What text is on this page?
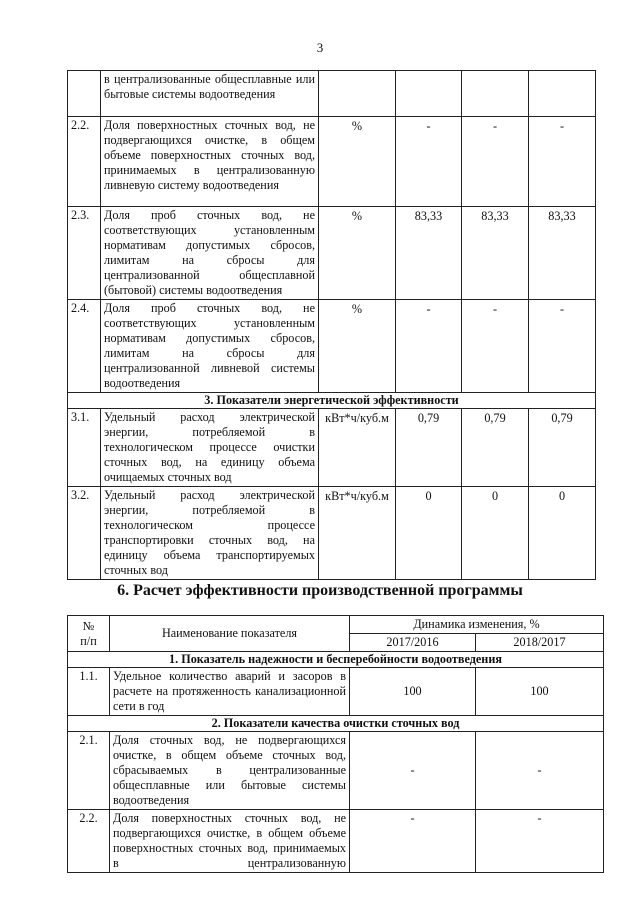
3
	в централизованные общесплавные или бытовые системы водоотведения				
2.2.	Доля поверхностных сточных вод, не подвергающихся очистке, в общем объеме поверхностных сточных вод, принимаемых в централизованную ливневую систему водоотведения	%	-	-	-
2.3.	Доля проб сточных вод, не соответствующих установленным нормативам допустимых сбросов, лимитам на сбросы для централизованной общесплавной (бытовой) системы водоотведения	%	83,33	83,33	83,33
2.4.	Доля проб сточных вод, не соответствующих установленным нормативам допустимых сбросов, лимитам на сбросы для централизованной ливневой системы водоотведения	%	-	-	-
3. Показатели энергетической эффективности					
3.1.	Удельный расход электрической энергии, потребляемой в технологическом процессе очистки сточных вод, на единицу объема очищаемых сточных вод	кВт*ч/куб.м	0,79	0,79	0,79
3.2.	Удельный расход электрической энергии, потребляемой в технологическом процессе транспортировки сточных вод, на единицу объема транспортируемых сточных вод	кВт*ч/куб.м	0	0	0
6. Расчет эффективности производственной программы
№
п/п	Наименование показателя	Динамика изменения, %	
		2017/2016	2018/2017
1. Показатель надежности и бесперебойности водоотведения			
1.1.	Удельное количество аварий и засоров в расчете на протяженность канализационной сети в год	100	100
2. Показатели качества очистки сточных вод			
2.1.	Доля сточных вод, не подвергающихся очистке, в общем объеме сточных вод, сбрасываемых в централизованные общесплавные или бытовые системы водоотведения	-	-
2.2.	Доля поверхностных сточных вод, не подвергающихся очистке, в общем объеме поверхностных сточных вод, принимаемых в централизованную	-	-
